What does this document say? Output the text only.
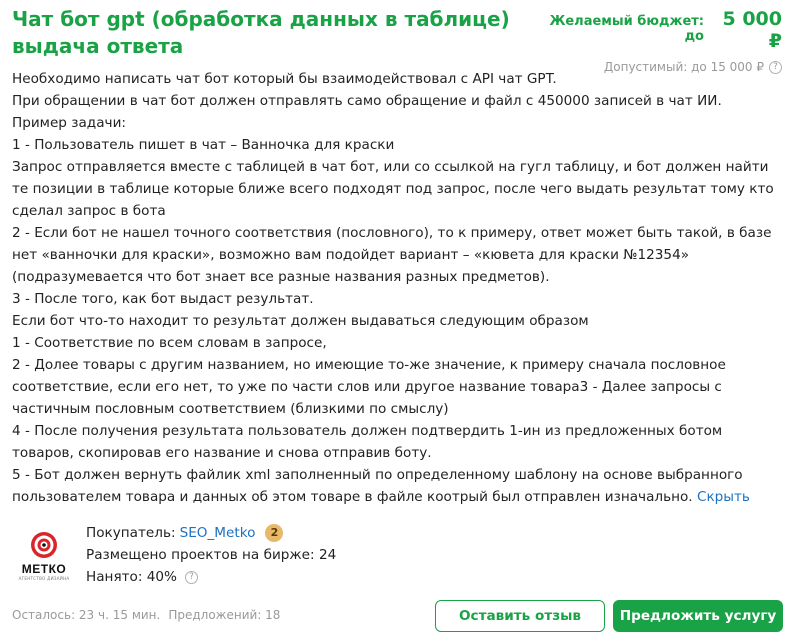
Чат бот gpt (обработка данных в таблице) выдача ответа
Желаемый бюджет: до
5 000 ₽
Допустимый: до 15 000 ₽	?

Необходимо написать чат бот который бы взаимодействовал с API чат GPT.

При обращении в чат бот должен отправлять само обращение и файл с 450000 записей в чат ИИ.

Пример задачи:

1 - Пользователь пишет в чат – Ванночка для краски

Запрос отправляется вместе с таблицей в чат бот, или со ссылкой на гугл таблицу, и бот должен найти те позиции в таблице которые ближе всего подходят под запрос, после чего выдать результат тому кто сделал запрос в бота

2 - Если бот не нашел точного соответствия (пословного), то к примеру, ответ может быть такой, в базе нет «ванночки для краски», возможно вам подойдет вариант – «кювета для краски №12354» (подразумевается что бот знает все разные названия разных предметов).

3 - После того, как бот выдаст результат.

Если бот что-то находит то результат должен выдаваться следующим образом

1 - Соответствие по всем словам в запросе,

2 - Долее товары с другим названием, но имеющие то-же значение, к примеру сначала пословное соответствие, если его нет, то уже по части слов или другое название товара3 - Далее запросы с частичным пословным соответствием (близкими по смыслу)

4 - После получения результата пользователь должен подтвердить 1-ин из предложенных ботом товаров, скопировав его название и снова отправив боту.

5 - Бот должен вернуть файлик xml заполненный по определенному шаблону на основе выбранного пользователем товара и данных об этом товаре в файле коотрый был отправлен изначально. Скрыть

МЕТКО
АГЕНТСТВО ДИЗАЙНА
Покупатель: SEO_Metko	2
Размещено проектов на бирже: 24
Нанято: 40%	?
Осталось: 23 ч. 15 мин. Предложений: 18	Оставить отзыв	Предложить услугу
